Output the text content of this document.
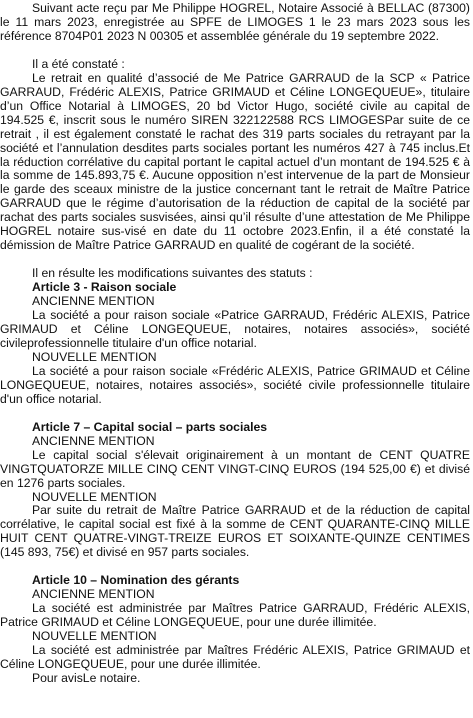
Suivant acte reçu par Me Philippe HOGREL, Notaire Associé à BELLAC (87300) le 11 mars 2023, enregistrée au SPFE de LIMOGES 1 le 23 mars 2023 sous les référence 8704P01 2023 N 00305 et assemblée générale du 19 septembre 2022.

Il a été constaté :

Le retrait en qualité d’associé de Me Patrice GARRAUD de la SCP « Patrice GARRAUD, Frédéric ALEXIS, Patrice GRIMAUD et Céline LONGEQUEUE», titulaire d’un Office Notarial à LIMOGES, 20 bd Victor Hugo, société civile au capital de 194.525 €, inscrit sous le numéro SIREN 322122588 RCS LIMOGESPar suite de ce retrait , il est également constaté le rachat des 319 parts sociales du retrayant par la société et l’annulation desdites parts sociales portant les numéros 427 à 745 inclus.Et la réduction corrélative du capital portant le capital actuel d’un montant de 194.525 € à la somme de 145.893,75 €. Aucune opposition n’est intervenue de la part de Monsieur le garde des sceaux ministre de la justice concernant tant le retrait de Maître Patrice GARRAUD que le régime d’autorisation de la réduction de capital de la société par rachat des parts sociales susvisées, ainsi qu’il résulte d’une attestation de Me Philippe HOGREL notaire sus-visé en date du 11 octobre 2023.Enfin, il a été constaté la démission de Maître Patrice GARRAUD en qualité de cogérant de la société.

Il en résulte les modifications suivantes des statuts :
Article 3 - Raison sociale
ANCIENNE MENTION

La société a pour raison sociale «Patrice GARRAUD, Frédéric ALEXIS, Patrice GRIMAUD et Céline LONGEQUEUE, notaires, notaires associés», société civileprofessionnelle titulaire d'un office notarial.

NOUVELLE MENTION

La société a pour raison sociale «Frédéric ALEXIS, Patrice GRIMAUD et Céline LONGEQUEUE, notaires, notaires associés», société civile professionnelle titulaire d'un office notarial.

Article 7 – Capital social – parts sociales
ANCIENNE MENTION

Le capital social s'élevait originairement à un montant de CENT QUATRE VINGTQUATORZE MILLE CINQ CENT VINGT-CINQ EUROS (194 525,00 €) et divisé en 1276 parts sociales.

NOUVELLE MENTION

Par suite du retrait de Maître Patrice GARRAUD et de la réduction de capital corrélative, le capital social est fixé à la somme de CENT QUARANTE-CINQ MILLE HUIT CENT QUATRE-VINGT-TREIZE EUROS ET SOIXANTE-QUINZE CENTIMES (145 893, 75€) et divisé en 957 parts sociales.

Article 10 – Nomination des gérants
ANCIENNE MENTION

La société est administrée par Maîtres Patrice GARRAUD, Frédéric ALEXIS, Patrice GRIMAUD et Céline LONGEQUEUE, pour une durée illimitée.

NOUVELLE MENTION

La société est administrée par Maîtres Frédéric ALEXIS, Patrice GRIMAUD et Céline LONGEQUEUE, pour une durée illimitée.

Pour avisLe notaire.
